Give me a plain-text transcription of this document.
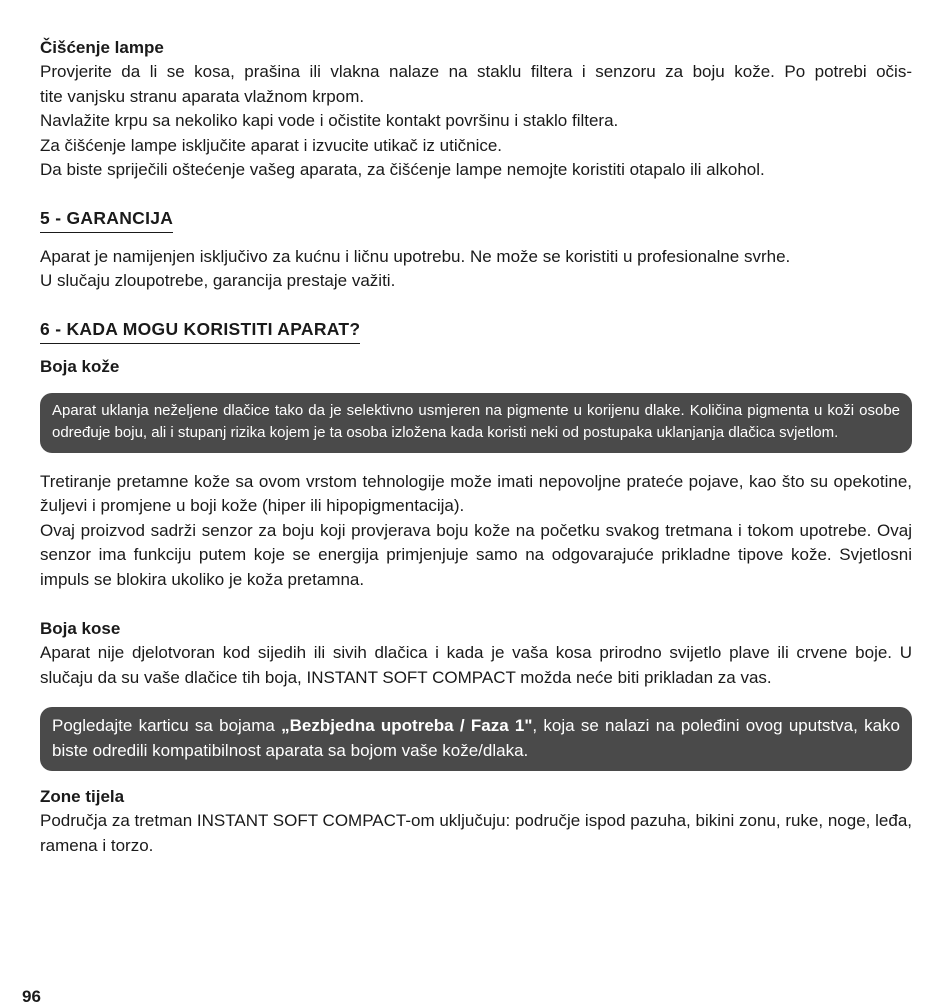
Čišćenje lampe

Provjerite da li se kosa, prašina ili vlakna nalaze na staklu filtera i senzoru za boju kože. Po potrebi očis-

tite vanjsku stranu aparata vlažnom krpom.

Navlažite krpu sa nekoliko kapi vode i očistite kontakt površinu i staklo filtera.

Za čišćenje lampe isključite aparat i izvucite utikač iz utičnice.

Da biste spriječili oštećenje vašeg aparata, za čišćenje lampe nemojte koristiti otapalo ili alkohol.

5 - GARANCIJA

Aparat je namijenjen isključivo za kućnu i ličnu upotrebu. Ne može se koristiti u profesionalne svrhe.

U slučaju zloupotrebe, garancija prestaje važiti.

6 - KADA MOGU KORISTITI APARAT?

Boja kože

Aparat uklanja neželjene dlačice tako da je selektivno usmjeren na pigmente u korijenu dlake. Količina pigmenta u koži osobe određuje boju, ali i stupanj rizika kojem je ta osoba izložena kada koristi neki od postupaka uklanjanja dlačica svjetlom.

Tretiranje pretamne kože sa ovom vrstom tehnologije može imati nepovoljne prateće pojave, kao što su opekotine, žuljevi i promjene u boji kože (hiper ili hipopigmentacija).

Ovaj proizvod sadrži senzor za boju koji provjerava boju kože na početku svakog tretmana i tokom upotrebe. Ovaj senzor ima funkciju putem koje se energija primjenjuje samo na odgovarajuće prikladne tipove kože. Svjetlosni impuls se blokira ukoliko je koža pretamna.

Boja kose

Aparat nije djelotvoran kod sijedih ili sivih dlačica i kada je vaša kosa prirodno svijetlo plave ili crvene boje. U slučaju da su vaše dlačice tih boja, INSTANT SOFT COMPACT možda neće biti prikladan za vas.

Pogledajte karticu sa bojama „Bezbjedna upotreba / Faza 1", koja se nalazi na poleđini ovog uputstva, kako biste odredili kompatibilnost aparata sa bojom vaše kože/dlaka.

Zone tijela

Područja za tretman INSTANT SOFT COMPACT-om uključuju: područje ispod pazuha, bikini zonu, ruke, noge, leđa, ramena i torzo.

96
